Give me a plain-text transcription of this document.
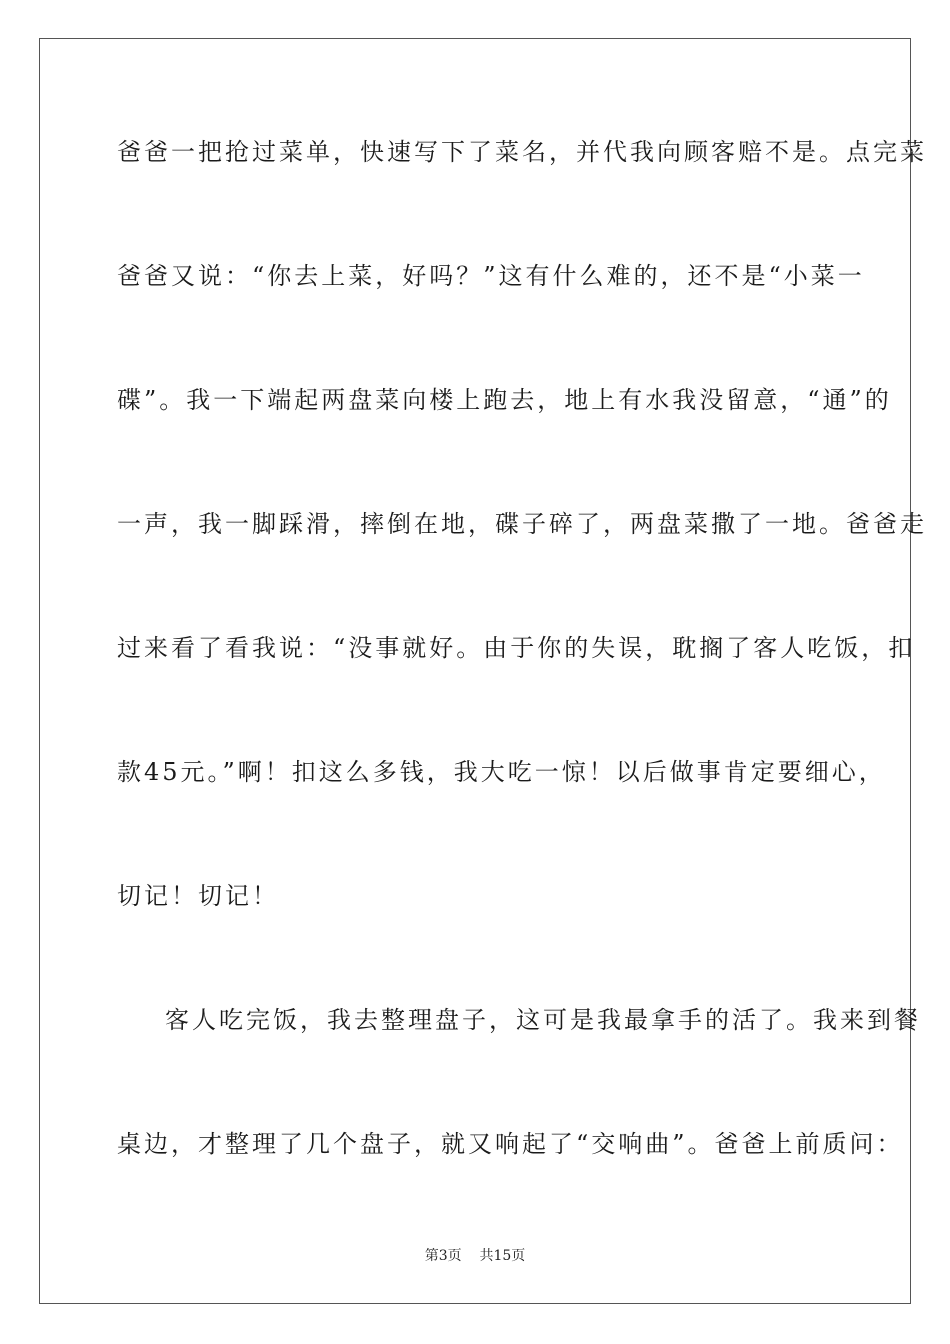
爸爸一把抢过菜单，快速写下了菜名，并代我向顾客赔不是。点完菜
爸爸又说：“你去上菜，好吗？”这有什么难的，还不是“小菜一
碟”。我一下端起两盘菜向楼上跑去，地上有水我没留意，“通”的
一声，我一脚踩滑，摔倒在地，碟子碎了，两盘菜撒了一地。爸爸走
过来看了看我说：“没事就好。由于你的失误，耽搁了客人吃饭，扣
款45元。”啊！扣这么多钱，我大吃一惊！以后做事肯定要细心，
切记！切记！
客人吃完饭，我去整理盘子，这可是我最拿手的活了。我来到餐
桌边，才整理了几个盘子，就又响起了“交响曲”。爸爸上前质问：
第3页 共15页
